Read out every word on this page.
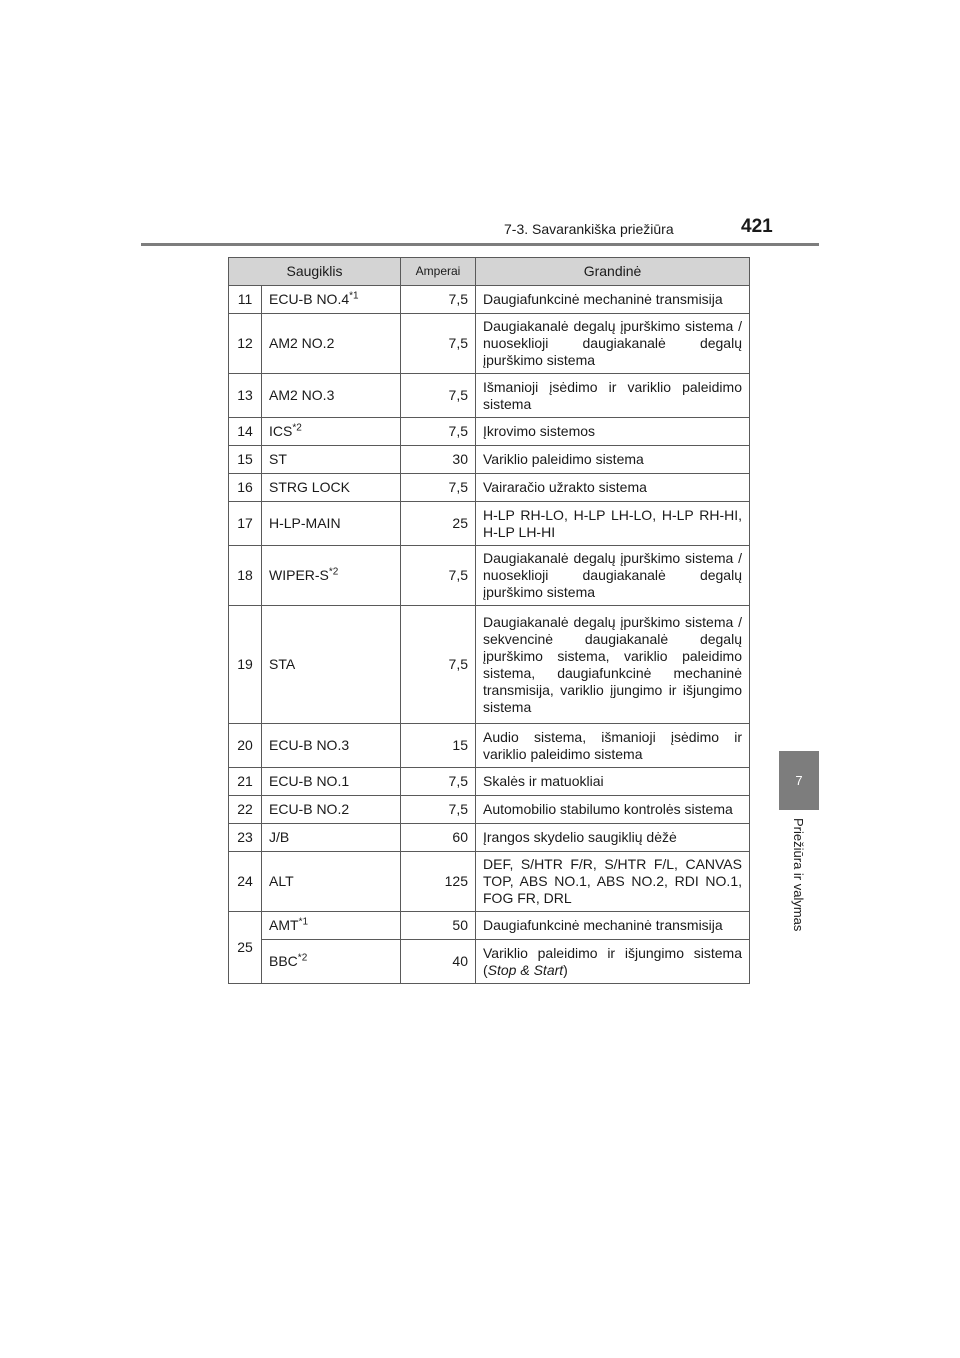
7-3. Savarankiška priežiūra	421
7
Priežiūra ir valymas
Saugiklis		Amperai	Grandinė
11	ECU-B NO.4$^{*1}$	7,5	Daugiafunkcinė mechaninė transmisija
12	AM2 NO.2	7,5	Daugiakanalė degalų įpurškimo sistema / nuoseklioji daugiakanalė degalų įpurškimo sistema
13	AM2 NO.3	7,5	Išmanioji įsėdimo ir variklio paleidimo sistema
14	ICS$^{*2}$	7,5	Įkrovimo sistemos
15	ST	30	Variklio paleidimo sistema
16	STRG LOCK	7,5	Vairaračio užrakto sistema
17	H-LP-MAIN	25	H-LP RH-LO, H-LP LH-LO, H-LP RH-HI, H-LP LH-HI
18	WIPER-$S^{*2}$	7,5	Daugiakanalė degalų įpurškimo sistema / nuoseklioji daugiakanalė degalų įpurškimo sistema
19	STA	7,5	Daugiakanalė degalų įpurškimo sistema / sekvencinė daugiakanalė degalų įpurškimo sistema, variklio paleidimo sistema, daugiafunkcinė mechaninė transmisija, variklio įjungimo ir išjungimo sistema
20	ECU-B NO.3	15	Audio sistema, išmanioji įsėdimo ir variklio paleidimo sistema
21	ECU-B NO.1	7,5	Skalės ir matuokliai
22	ECU-B NO.2	7,5	Automobilio stabilumo kontrolės sistema
23	J/B	60	Įrangos skydelio saugiklių dėžė
24	ALT	125	DEF, S/HTR F/R, S/HTR F/L, CANVAS TOP, ABS NO.1, ABS NO.2, RDI NO.1, FOG FR, DRL
25	AMT$^{*1}$	50	Daugiafunkcinė mechaninė transmisija
	BBC$^{*2}$	40	Variklio paleidimo ir išjungimo sistema (Stop & Start)
